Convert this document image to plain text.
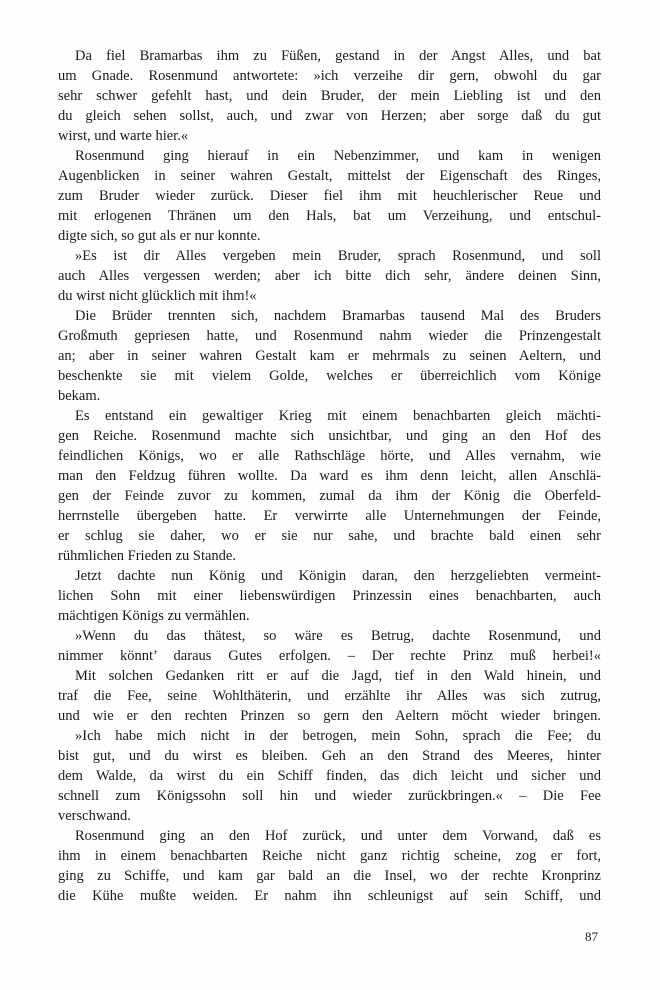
Da fiel Bramarbas ihm zu Füßen, gestand in der Angst Alles, und bat
um Gnade. Rosenmund antwortete: »ich verzeihe dir gern, obwohl du gar
sehr schwer gefehlt hast, und dein Bruder, der mein Liebling ist und den
du gleich sehen sollst, auch, und zwar von Herzen; aber sorge daß du gut
wirst, und warte hier.«
Rosenmund ging hierauf in ein Nebenzimmer, und kam in wenigen
Augenblicken in seiner wahren Gestalt, mittelst der Eigenschaft des Ringes,
zum Bruder wieder zurück. Dieser fiel ihm mit heuchlerischer Reue und
mit erlogenen Thränen um den Hals, bat um Verzeihung, und entschul-
digte sich, so gut als er nur konnte.
»Es ist dir Alles vergeben mein Bruder, sprach Rosenmund, und soll
auch Alles vergessen werden; aber ich bitte dich sehr, ändere deinen Sinn,
du wirst nicht glücklich mit ihm!«
Die Brüder trennten sich, nachdem Bramarbas tausend Mal des Bruders
Großmuth gepriesen hatte, und Rosenmund nahm wieder die Prinzengestalt
an; aber in seiner wahren Gestalt kam er mehrmals zu seinen Aeltern, und
beschenkte sie mit vielem Golde, welches er überreichlich vom Könige
bekam.
Es entstand ein gewaltiger Krieg mit einem benachbarten gleich mächti-
gen Reiche. Rosenmund machte sich unsichtbar, und ging an den Hof des
feindlichen Königs, wo er alle Rathschläge hörte, und Alles vernahm, wie
man den Feldzug führen wollte. Da ward es ihm denn leicht, allen Anschlä-
gen der Feinde zuvor zu kommen, zumal da ihm der König die Oberfeld-
herrnstelle übergeben hatte. Er verwirrte alle Unternehmungen der Feinde,
er schlug sie daher, wo er sie nur sahe, und brachte bald einen sehr
rühmlichen Frieden zu Stande.
Jetzt dachte nun König und Königin daran, den herzgeliebten vermeint-
lichen Sohn mit einer liebenswürdigen Prinzessin eines benachbarten, auch
mächtigen Königs zu vermählen.
»Wenn du das thätest, so wäre es Betrug, dachte Rosenmund, und
nimmer könnt’ daraus Gutes erfolgen. – Der rechte Prinz muß herbei!«
Mit solchen Gedanken ritt er auf die Jagd, tief in den Wald hinein, und
traf die Fee, seine Wohlthäterin, und erzählte ihr Alles was sich zutrug,
und wie er den rechten Prinzen so gern den Aeltern möcht wieder bringen.
»Ich habe mich nicht in der betrogen, mein Sohn, sprach die Fee; du
bist gut, und du wirst es bleiben. Geh an den Strand des Meeres, hinter
dem Walde, da wirst du ein Schiff finden, das dich leicht und sicher und
schnell zum Königssohn soll hin und wieder zurückbringen.« – Die Fee
verschwand.
Rosenmund ging an den Hof zurück, und unter dem Vorwand, daß es
ihm in einem benachbarten Reiche nicht ganz richtig scheine, zog er fort,
ging zu Schiffe, und kam gar bald an die Insel, wo der rechte Kronprinz
die Kühe mußte weiden. Er nahm ihn schleunigst auf sein Schiff, und
87
